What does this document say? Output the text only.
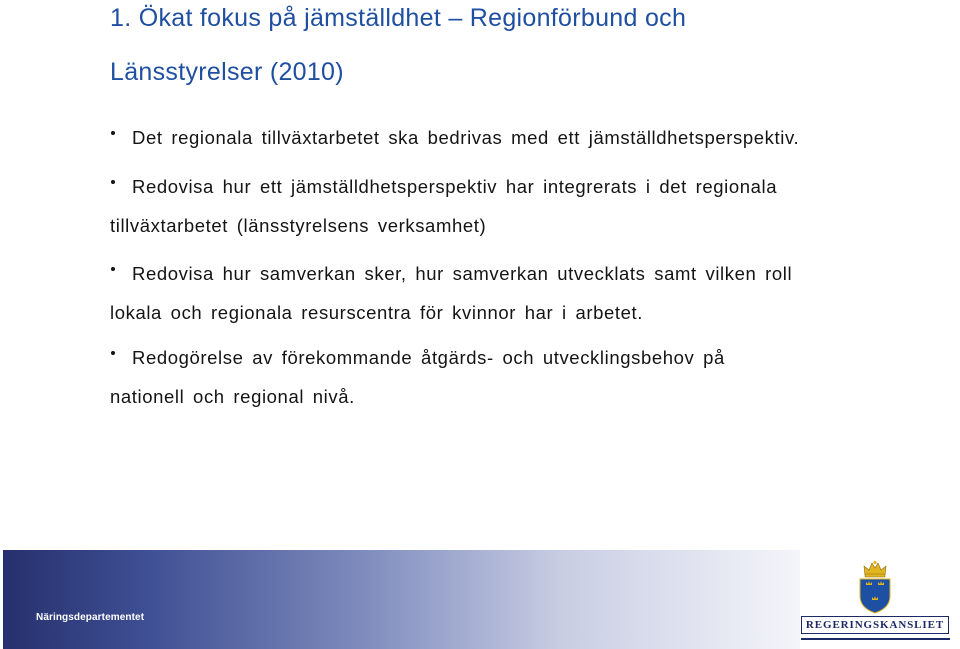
1. Ökat fokus på jämställdhet – Regionförbund och
Länsstyrelser (2010)
Det regionala tillväxtarbetet ska bedrivas med ett jämställdhetsperspektiv.
Redovisa hur ett jämställdhetsperspektiv har integrerats i det regionala
tillväxtarbetet (länsstyrelsens verksamhet)
Redovisa hur samverkan sker, hur samverkan utvecklats samt vilken roll
lokala och regionala resurscentra för kvinnor har i arbetet.
Redogörelse av förekommande åtgärds- och utvecklingsbehov på
nationell och regional nivå.
Näringsdepartementet
REGERINGSKANSLIET
